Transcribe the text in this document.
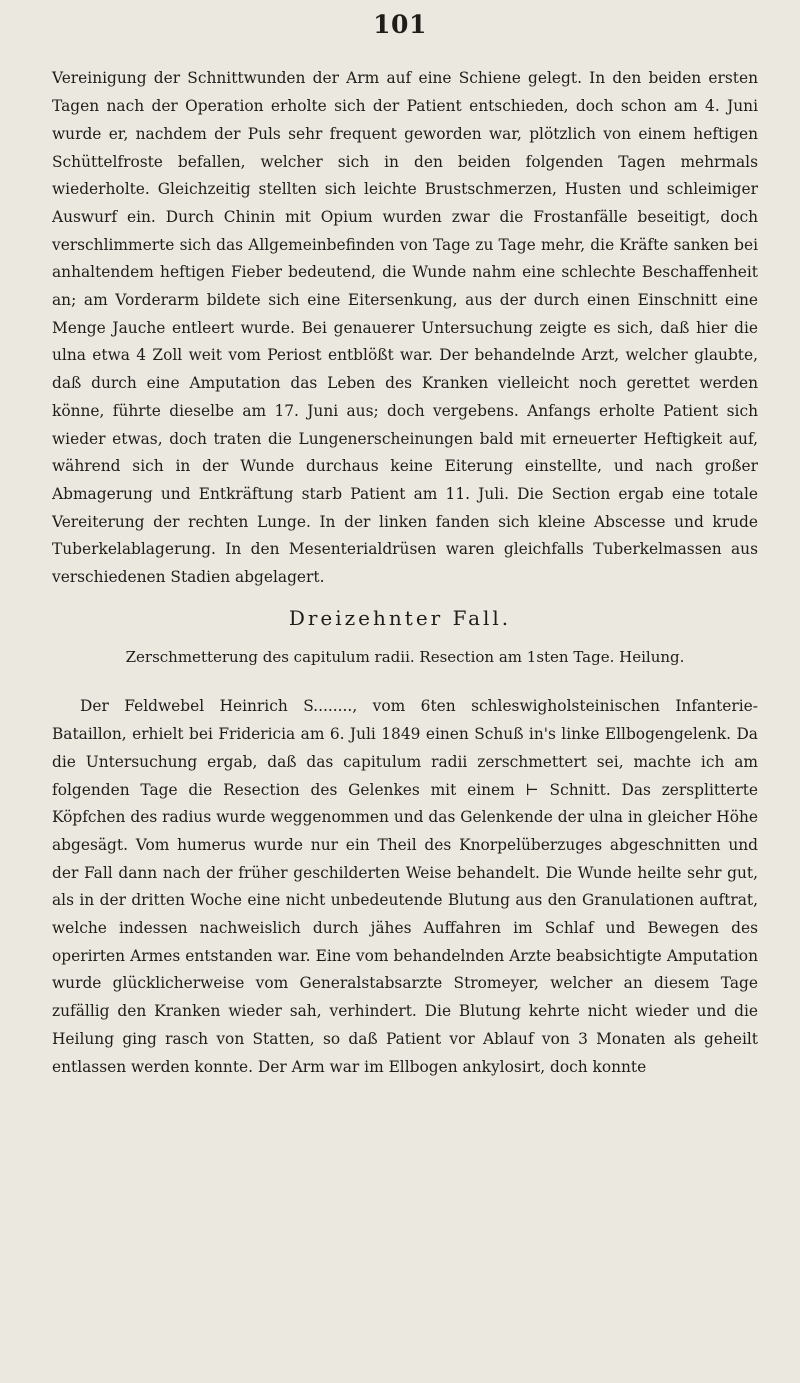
101

Vereinigung der Schnittwunden der Arm auf eine Schiene gelegt. In den beiden ersten Tagen nach der Operation erholte sich der Patient entschieden, doch schon am 4. Juni wurde er, nachdem der Puls sehr frequent geworden war, plötzlich von einem heftigen Schüttelfroste befallen, welcher sich in den beiden folgenden Tagen mehrmals wiederholte. Gleichzeitig stellten sich leichte Brustschmerzen, Husten und schleimiger Auswurf ein. Durch Chinin mit Opium wurden zwar die Frostanfälle beseitigt, doch verschlimmerte sich das Allgemeinbefinden von Tage zu Tage mehr, die Kräfte sanken bei anhaltendem heftigen Fieber bedeutend, die Wunde nahm eine schlechte Beschaffenheit an; am Vorderarm bildete sich eine Eitersenkung, aus der durch einen Einschnitt eine Menge Jauche entleert wurde. Bei genauerer Untersuchung zeigte es sich, daß hier die ulna etwa 4 Zoll weit vom Periost entblößt war. Der behandelnde Arzt, welcher glaubte, daß durch eine Amputation das Leben des Kranken vielleicht noch gerettet werden könne, führte dieselbe am 17. Juni aus; doch vergebens. Anfangs erholte Patient sich wieder etwas, doch traten die Lungenerscheinungen bald mit erneuerter Heftigkeit auf, während sich in der Wunde durchaus keine Eiterung einstellte, und nach großer Abmagerung und Entkräftung starb Patient am 11. Juli. Die Section ergab eine totale Vereiterung der rechten Lunge. In der linken fanden sich kleine Abscesse und krude Tuberkelablagerung. In den Mesenterialdrüsen waren gleichfalls Tuberkelmassen aus verschiedenen Stadien abgelagert.

Dreizehnter Fall.
Zerschmetterung des capitulum radii. Resection am 1sten Tage. Heilung.

Der Feldwebel Heinrich S........, vom 6ten schleswigholsteinischen Infanterie-Bataillon, erhielt bei Fridericia am 6. Juli 1849 einen Schuß in's linke Ellbogengelenk. Da die Untersuchung ergab, daß das capitulum radii zerschmettert sei, machte ich am folgenden Tage die Resection des Gelenkes mit einem ⊢ Schnitt. Das zersplitterte Köpfchen des radius wurde weggenommen und das Gelenkende der ulna in gleicher Höhe abgesägt. Vom humerus wurde nur ein Theil des Knorpelüberzuges abgeschnitten und der Fall dann nach der früher geschilderten Weise behandelt. Die Wunde heilte sehr gut, als in der dritten Woche eine nicht unbedeutende Blutung aus den Granulationen auftrat, welche indessen nachweislich durch jähes Auffahren im Schlaf und Bewegen des operirten Armes entstanden war. Eine vom behandelnden Arzte beabsichtigte Amputation wurde glücklicherweise vom Generalstabsarzte Stromeyer, welcher an diesem Tage zufällig den Kranken wieder sah, verhindert. Die Blutung kehrte nicht wieder und die Heilung ging rasch von Statten, so daß Patient vor Ablauf von 3 Monaten als geheilt entlassen werden konnte. Der Arm war im Ellbogen ankylosirt, doch konnte
